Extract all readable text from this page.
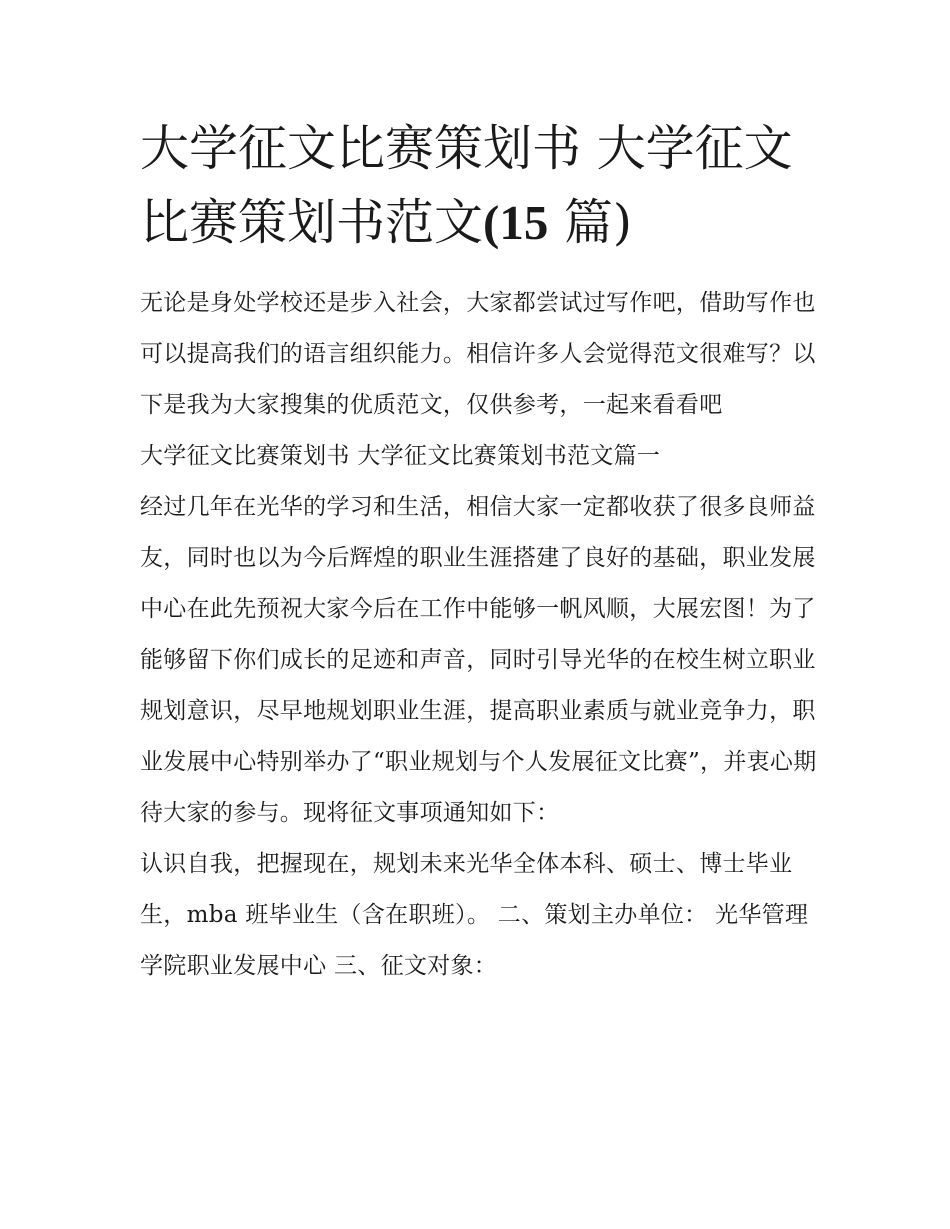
大学征文比赛策划书 大学征文比赛策划书范文(15 篇)

无论是身处学校还是步入社会，大家都尝试过写作吧，借助写作也可以提高我们的语言组织能力。相信许多人会觉得范文很难写？以下是我为大家搜集的优质范文，仅供参考，一起来看看吧

大学征文比赛策划书 大学征文比赛策划书范文篇一

经过几年在光华的学习和生活，相信大家一定都收获了很多良师益友，同时也以为今后辉煌的职业生涯搭建了良好的基础，职业发展中心在此先预祝大家今后在工作中能够一帆风顺，大展宏图！为了能够留下你们成长的足迹和声音，同时引导光华的在校生树立职业规划意识，尽早地规划职业生涯，提高职业素质与就业竞争力，职业发展中心特别举办了“职业规划与个人发展征文比赛”，并衷心期待大家的参与。现将征文事项通知如下：

认识自我，把握现在，规划未来光华全体本科、硕士、博士毕业生，mba 班毕业生（含在职班）。 二、策划主办单位： 光华管理学院职业发展中心 三、征文对象：
